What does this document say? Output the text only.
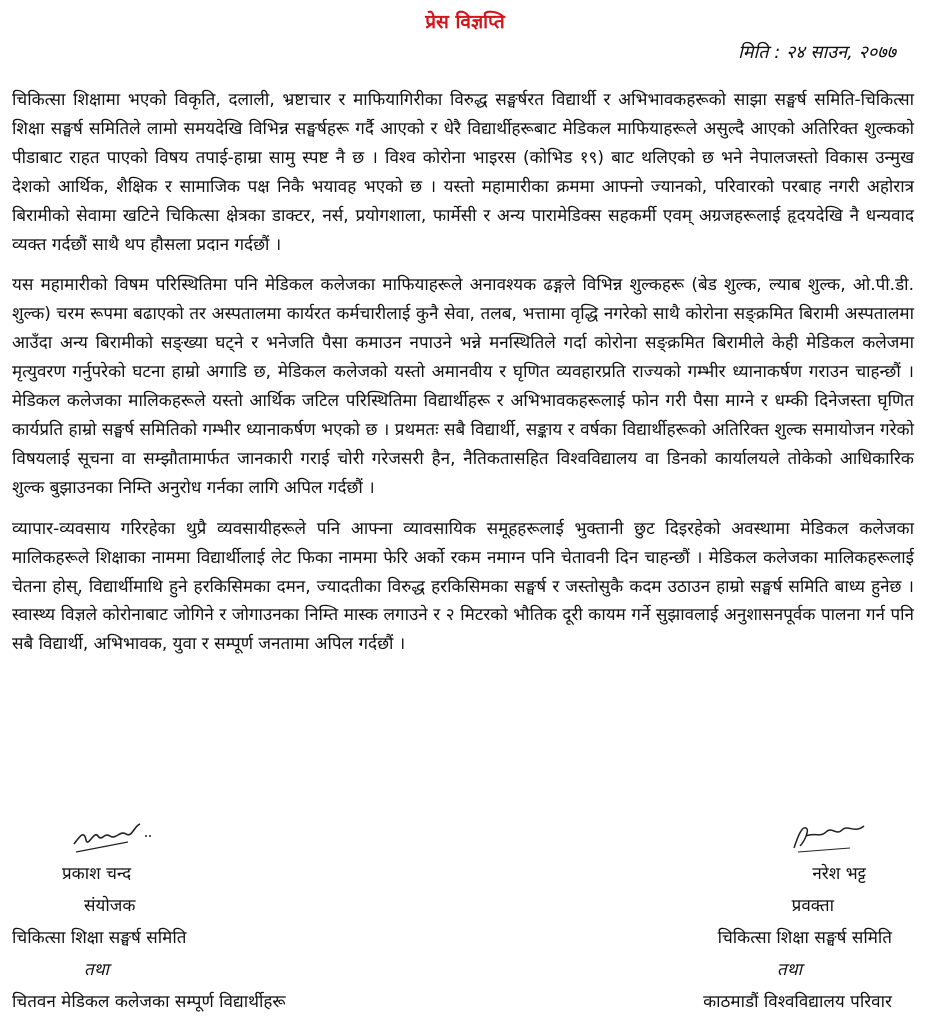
प्रेस विज्ञप्ति
मिति : २४ साउन, २०७७

चिकित्सा शिक्षामा भएको विकृति, दलाली, भ्रष्टाचार र माफियागिरीका विरुद्ध सङ्घर्षरत विद्यार्थी र अभिभावकहरूको साझा सङ्घर्ष समिति-चिकित्सा शिक्षा सङ्घर्ष समितिले लामो समयदेखि विभिन्न सङ्घर्षहरू गर्दै आएको र धेरै विद्यार्थीहरूबाट मेडिकल माफियाहरूले असुल्दै आएको अतिरिक्त शुल्कको पीडाबाट राहत पाएको विषय तपाई-हाम्रा सामु स्पष्ट नै छ । विश्व कोरोना भाइरस (कोभिड १९) बाट थलिएको छ भने नेपालजस्तो विकास उन्मुख देशको आर्थिक, शैक्षिक र सामाजिक पक्ष निकै भयावह भएको छ । यस्तो महामारीका क्रममा आफ्नो ज्यानको, परिवारको परबाह नगरी अहोरात्र बिरामीको सेवामा खटिने चिकित्सा क्षेत्रका डाक्टर, नर्स, प्रयोगशाला, फार्मेसी र अन्य पारामेडिक्स सहकर्मी एवम् अग्रजहरूलाई हृदयदेखि नै धन्यवाद व्यक्त गर्दछौं साथै थप हौसला प्रदान गर्दछौं ।

यस महामारीको विषम परिस्थितिमा पनि मेडिकल कलेजका माफियाहरूले अनावश्यक ढङ्गले विभिन्न शुल्कहरू (बेड शुल्क, ल्याब शुल्क, ओ.पी.डी. शुल्क) चरम रूपमा बढाएको तर अस्पतालमा कार्यरत कर्मचारीलाई कुनै सेवा, तलब, भत्तामा वृद्धि नगरेको साथै कोरोना सङ्क्रमित बिरामी अस्पतालमा आउँदा अन्य बिरामीको सङ्ख्या घट्ने र भनेजति पैसा कमाउन नपाउने भन्ने मनस्थितिले गर्दा कोरोना सङ्क्रमित बिरामीले केही मेडिकल कलेजमा मृत्युवरण गर्नुपरेको घटना हाम्रो अगाडि छ, मेडिकल कलेजको यस्तो अमानवीय र घृणित व्यवहारप्रति राज्यको गम्भीर ध्यानाकर्षण गराउन चाहन्छौं । मेडिकल कलेजका मालिकहरूले यस्तो आर्थिक जटिल परिस्थितिमा विद्यार्थीहरू र अभिभावकहरूलाई फोन गरी पैसा माग्ने र धम्की दिनेजस्ता घृणित कार्यप्रति हाम्रो सङ्घर्ष समितिको गम्भीर ध्यानाकर्षण भएको छ । प्रथमतः सबै विद्यार्थी, सङ्काय र वर्षका विद्यार्थीहरूको अतिरिक्त शुल्क समायोजन गरेको विषयलाई सूचना वा सम्झौतामार्फत जानकारी गराई चोरी गरेजसरी हैन, नैतिकतासहित विश्वविद्यालय वा डिनको कार्यालयले तोकेको आधिकारिक शुल्क बुझाउनका निम्ति अनुरोध गर्नका लागि अपिल गर्दछौं ।

व्यापार-व्यवसाय गरिरहेका थुप्रै व्यवसायीहरूले पनि आफ्ना व्यावसायिक समूहहरूलाई भुक्तानी छुट दिइरहेको अवस्थामा मेडिकल कलेजका मालिकहरूले शिक्षाका नाममा विद्यार्थीलाई लेट फिका नाममा फेरि अर्को रकम नमाग्न पनि चेतावनी दिन चाहन्छौं । मेडिकल कलेजका मालिकहरूलाई चेतना होस्, विद्यार्थीमाथि हुने हरकिसिमका दमन, ज्यादतीका विरुद्ध हरकिसिमका सङ्घर्ष र जस्तोसुकै कदम उठाउन हाम्रो सङ्घर्ष समिति बाध्य हुनेछ । स्वास्थ्य विज्ञले कोरोनाबाट जोगिने र जोगाउनका निम्ति मास्क लगाउने र २ मिटरको भौतिक दूरी कायम गर्ने सुझावलाई अनुशासनपूर्वक पालना गर्न पनि सबै विद्यार्थी, अभिभावक, युवा र सम्पूर्ण जनतामा अपिल गर्दछौं ।

प्रकाश चन्द
संयोजक
चिकित्सा शिक्षा सङ्घर्ष समिति
तथा
चितवन मेडिकल कलेजका सम्पूर्ण विद्यार्थीहरू
नरेश भट्ट
प्रवक्ता
चिकित्सा शिक्षा सङ्घर्ष समिति
तथा
काठमाडौं विश्वविद्यालय परिवार
